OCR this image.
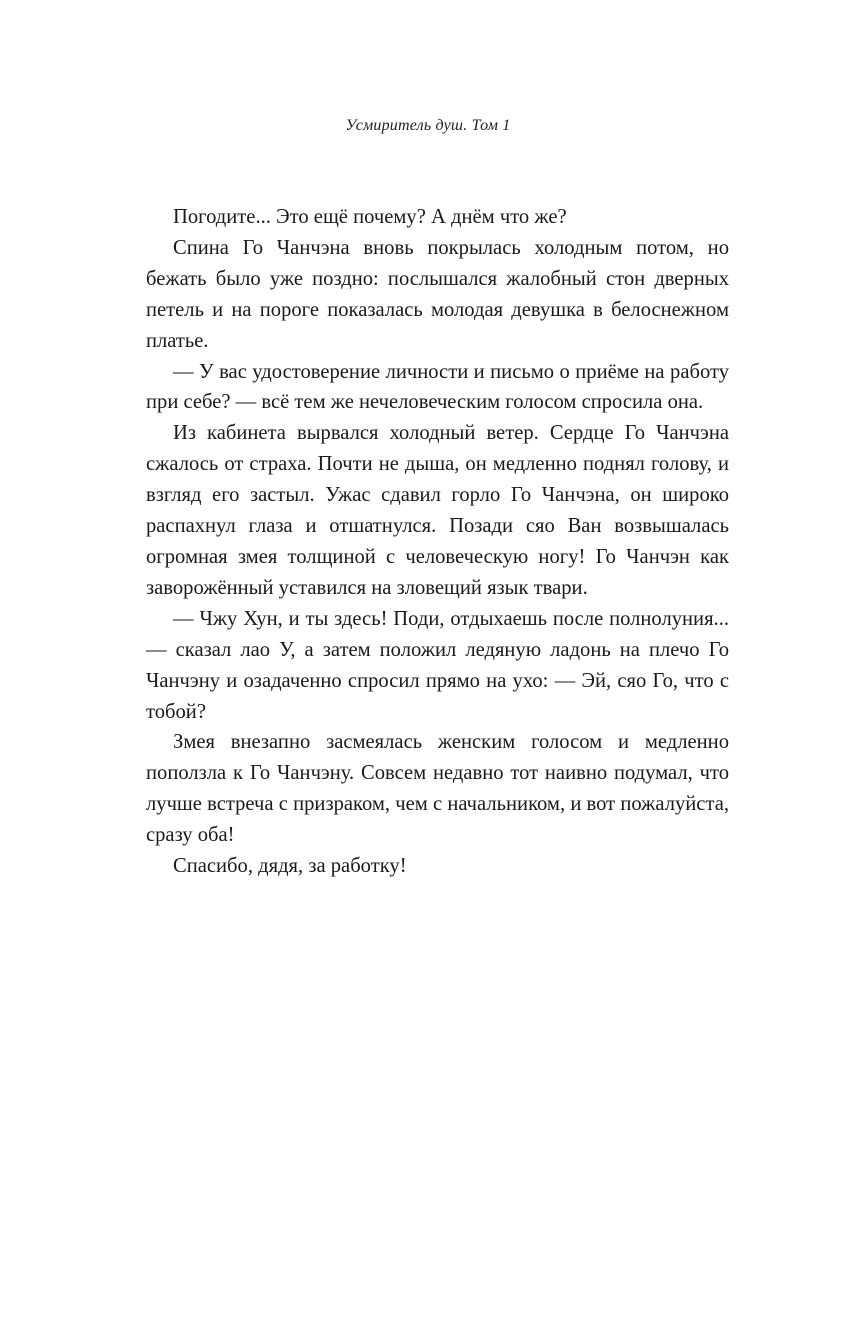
Усмиритель душ. Том 1

Погодите... Это ещё почему? А днём что же?

Спина Го Чанчэна вновь покрылась холодным потом, но бежать было уже поздно: послышался жалобный стон дверных петель и на пороге показалась молодая девушка в белоснежном платье.

— У вас удостоверение личности и письмо о приёме на работу при себе? — всё тем же нечеловеческим голосом спросила она.

Из кабинета вырвался холодный ветер. Сердце Го Чанчэна сжалось от страха. Почти не дыша, он медленно поднял голову, и взгляд его застыл. Ужас сдавил горло Го Чанчэна, он широко распахнул глаза и отшатнулся. Позади сяо Ван возвышалась огромная змея толщиной с человеческую ногу! Го Чанчэн как заворожённый уставился на зловещий язык твари.

— Чжу Хун, и ты здесь! Поди, отдыхаешь после полнолуния... — сказал лао У, а затем положил ледяную ладонь на плечо Го Чанчэну и озадаченно спросил прямо на ухо: — Эй, сяо Го, что с тобой?

Змея внезапно засмеялась женским голосом и медленно поползла к Го Чанчэну. Совсем недавно тот наивно подумал, что лучше встреча с призраком, чем с начальником, и вот пожалуйста, сразу оба!

Спасибо, дядя, за работку!
